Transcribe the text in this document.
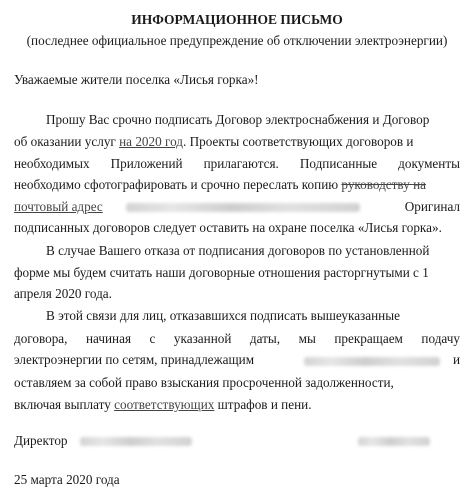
ИНФОРМАЦИОННОЕ ПИСЬМО
(последнее официальное предупреждение об отключении электроэнергии)
Уважаемые жители поселка «Лисья горка»!
Прошу Вас срочно подписать Договор электроснабжения и Договор
об оказании услуг на 2020 год. Проекты соответствующих договоров и
необходимых Приложений прилагаются. Подписанные документы
необходимо сфотографировать и срочно переслать копию руководству на
почтовый адрес	Оригинал
подписанных договоров следует оставить на охране поселка «Лисья горка».
В случае Вашего отказа от подписания договоров по установленной
форме мы будем считать наши договорные отношения расторгнутыми с 1
апреля 2020 года.
В этой связи для лиц, отказавшихся подписать вышеуказанные
договора, начиная с указанной даты, мы прекращаем подачу
электроэнергии по сетям, принадлежащим	и
оставляем за собой право взыскания просроченной задолженности,
включая выплату соответствующих штрафов и пени.
Директор
25 марта 2020 года
